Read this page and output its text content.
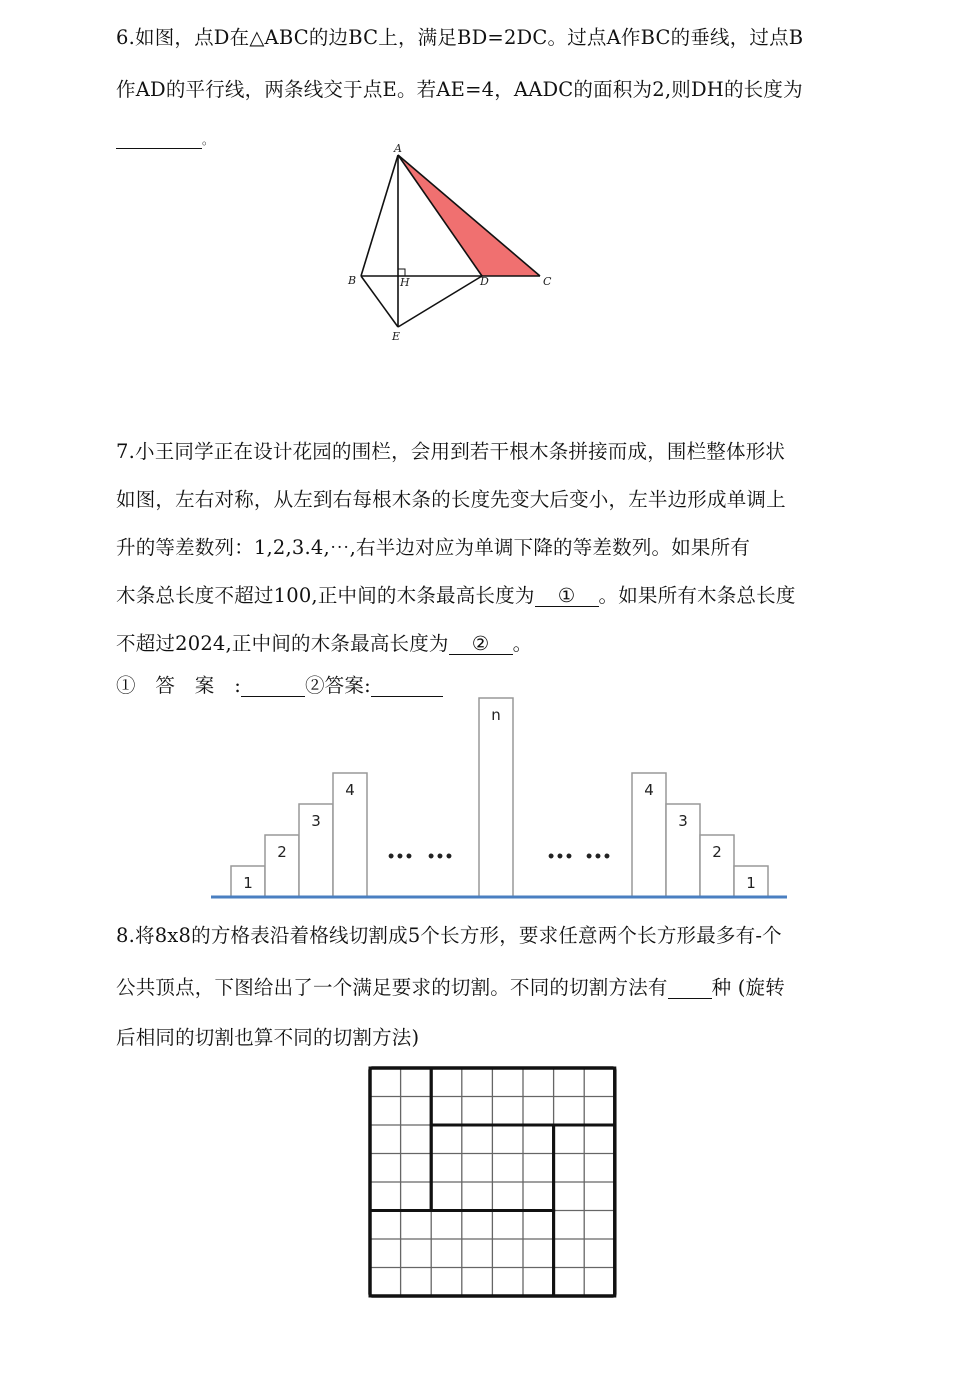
6.如图，点D在△ABC的边BC上，满足BD=2DC。过点A作BC的垂线，过点B
作AD的平行线，两条线交于点E。若AE=4，AADC的面积为2,则DH的长度为
。
A
B	H	D	C
E
7.小王同学正在设计花园的围栏，会用到若干根木条拼接而成，围栏整体形状
如图，左右对称，从左到右每根木条的长度先变大后变小，左半边形成单调上
升的等差数列：1,2,3.4,⋯,右半边对应为单调下降的等差数列。如果所有
木条总长度不超过100,正中间的木条最高长度为 ① 。如果所有木条总长度
不超过2024,正中间的木条最高长度为 ② 。
①　答　案　:	②答案:
1
2
3
4	4
3
2
1
n
••• •••	••• •••
8.将8x8的方格表沿着格线切割成5个长方形，要求任意两个长方形最多有-个
公共顶点，下图给出了一个满足要求的切割。不同的切割方法有 种 (旋转
后相同的切割也算不同的切割方法)
